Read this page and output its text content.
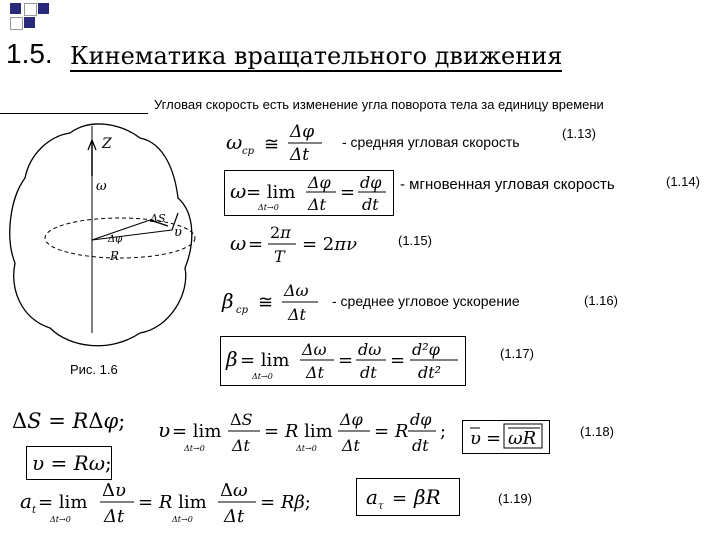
1.5. Кинематика вращательного движения
Угловая скорость есть изменение угла поворота тела за единицу времени
Z
ω
ΔS
Δφ
R
υ
Рис. 1.6
ω ср ≅
Δφ
Δt
- средняя угловая скорость
(1.13)
ω = lim
Δt→0
Δφ
Δt
= dφ
dt
- мгновенная угловая скорость	(1.14)
ω =
2π
T
= 2πν	(1.15)
β ср ≅
Δω
Δt
- среднее угловое ускорение	(1.16)
β = lim
Δt→0
Δω
Δt
=
dω
dt
=
d²φ
dt²
(1.17)
ΔS = RΔφ;
υ = Rω;
υ = lim
Δt→0
ΔS
Δt
= R lim
Δt→0
Δφ
Δt
= R
dφ
dt
; υ = ωR	(1.18)
a t = lim
Δt→0
Δυ
Δt
= R lim
Δt→0
Δω
Δt
= Rβ;	a τ = βR	(1.19)
